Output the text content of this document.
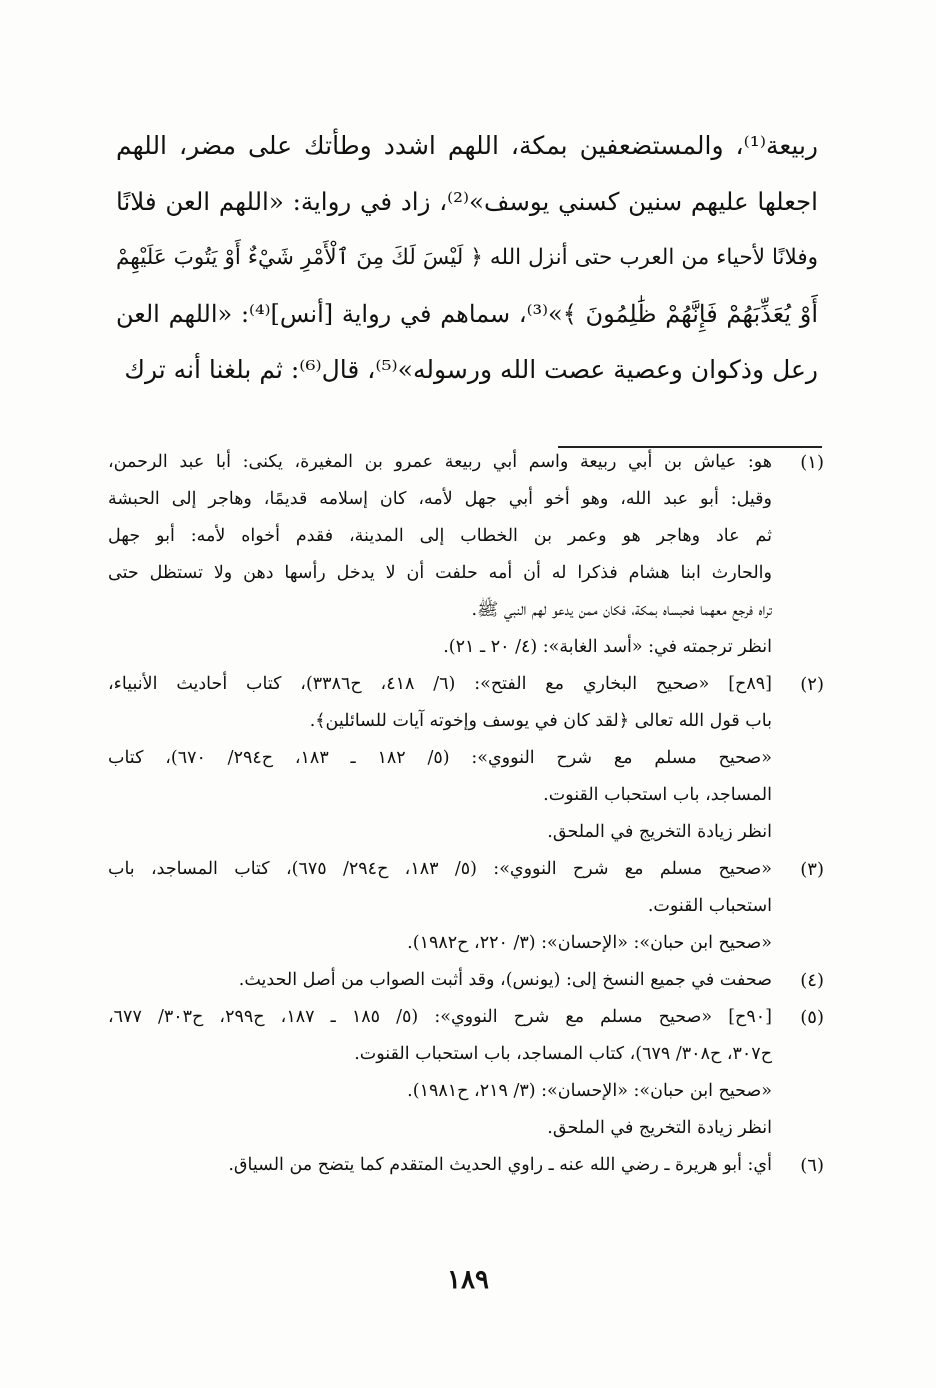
ربيعة⁽¹⁾، والمستضعفين بمكة، اللهم اشدد وطأتك على مضر، اللهم
اجعلها عليهم سنين كسني يوسف»⁽²⁾، زاد في رواية: «اللهم العن فلانًا
وفلانًا لأحياء من العرب حتى أنزل الله ﴿ لَيْسَ لَكَ مِنَ ٱلْأَمْرِ شَيْءٌ أَوْ يَتُوبَ عَلَيْهِمْ
أَوْ يُعَذِّبَهُمْ فَإِنَّهُمْ ظَٰلِمُونَ ﴾»⁽³⁾، سماهم في رواية [أنس]⁽⁴⁾: «اللهم العن
رعل وذكوان وعصية عصت الله ورسوله»⁽⁵⁾، قال⁽⁶⁾: ثم بلغنا أنه ترك
(١)
هو: عياش بن أبي ربيعة واسم أبي ربيعة عمرو بن المغيرة، يكنى: أبا عبد الرحمن،
وقيل: أبو عبد الله، وهو أخو أبي جهل لأمه، كان إسلامه قديمًا، وهاجر إلى الحبشة
ثم عاد وهاجر هو وعمر بن الخطاب إلى المدينة، فقدم أخواه لأمه: أبو جهل
والحارث ابنا هشام فذكرا له أن أمه حلفت أن لا يدخل رأسها دهن ولا تستظل حتى
تراه فرجع معهما فحبساه بمكة، فكان ممن يدعو لهم النبي ﷺ.
انظر ترجمته في: «أسد الغابة»: (٤/ ٢٠ ـ ٢١).
(٢)
[٨٩ح] «صحيح البخاري مع الفتح»: (٦/ ٤١٨، ح٣٣٨٦)، كتاب أحاديث الأنبياء،
باب قول الله تعالى ﴿لقد كان في يوسف وإخوته آيات للسائلين﴾.
«صحيح مسلم مع شرح النووي»: (٥/ ١٨٢ ـ ١٨٣، ح٢٩٤/ ٦٧٠)، كتاب
المساجد، باب استحباب القنوت.
انظر زيادة التخريج في الملحق.
(٣)
«صحيح مسلم مع شرح النووي»: (٥/ ١٨٣، ح٢٩٤/ ٦٧٥)، كتاب المساجد، باب
استحباب القنوت.
«صحيح ابن حبان»: «الإحسان»: (٣/ ٢٢٠، ح١٩٨٢).
(٤)
صحفت في جميع النسخ إلى: (يونس)، وقد أثبت الصواب من أصل الحديث.
(٥)
[٩٠ح] «صحيح مسلم مع شرح النووي»: (٥/ ١٨٥ ـ ١٨٧، ح٢٩٩، ح٣٠٣/ ٦٧٧،
ح٣٠٧، ح٣٠٨/ ٦٧٩)، كتاب المساجد، باب استحباب القنوت.
«صحيح ابن حبان»: «الإحسان»: (٣/ ٢١٩، ح١٩٨١).
انظر زيادة التخريج في الملحق.
(٦)
أي: أبو هريرة ـ رضي الله عنه ـ راوي الحديث المتقدم كما يتضح من السياق.
١٨٩
